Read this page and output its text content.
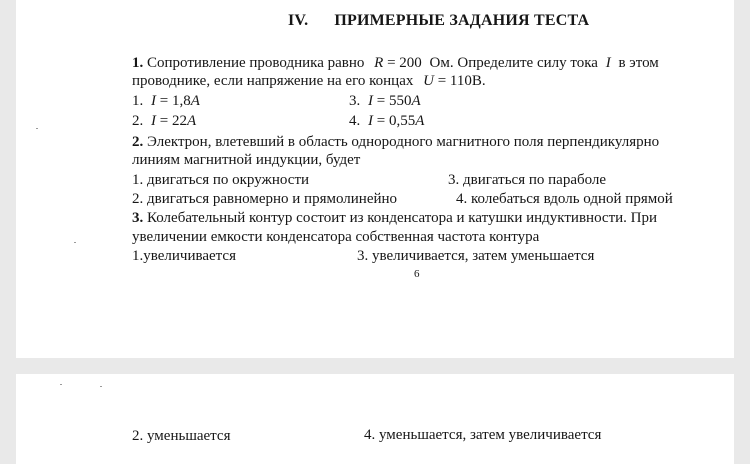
IV. ПРИМЕРНЫЕ ЗАДАНИЯ ТЕСТА
1. Сопротивление проводника равно R = 200 Ом. Определите силу тока I в этом
проводнике, если напряжение на его концах U = 110В.
1. I = 1,8A	3. I = 550A
2. I = 22A	4. I = 0,55A
2. Электрон, влетевший в область однородного магнитного поля перпендикулярно
линиям магнитной индукции, будет
1. двигаться по окружности	3. двигаться по параболе
2. двигаться равномерно и прямолинейно	4. колебаться вдоль одной прямой
3. Колебательный контур состоит из конденсатора и катушки индуктивности. При
увеличении емкости конденсатора собственная частота контура
1.увеличивается	3. увеличивается, затем уменьшается
6
2. уменьшается	4. уменьшается, затем увеличивается
